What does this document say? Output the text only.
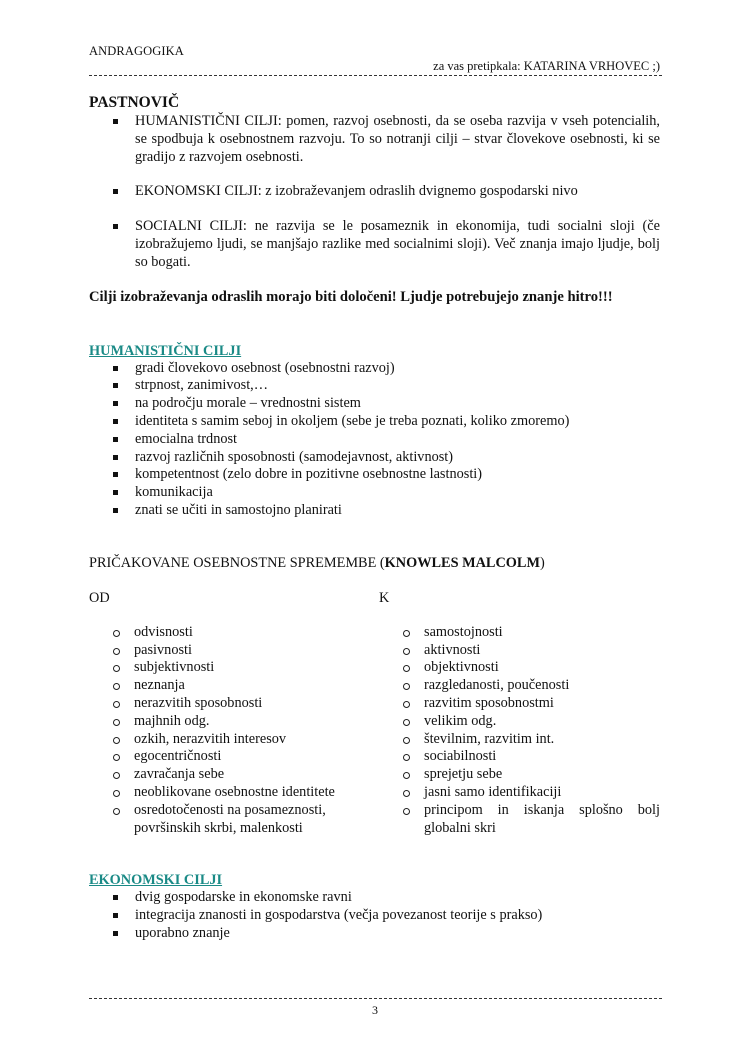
ANDRAGOGIKA
za vas pretipkala: KATARINA VRHOVEC ;)
PASTNOVIČ
HUMANISTIČNI CILJI: pomen, razvoj osebnosti, da se oseba razvija v vseh potencialih, se spodbuja k osebnostnem razvoju. To so notranji cilji – stvar človekove osebnosti, ki se gradijo z razvojem osebnosti.
EKONOMSKI CILJI: z izobraževanjem odraslih dvignemo gospodarski nivo
SOCIALNI CILJI: ne razvija se le posameznik in ekonomija, tudi socialni sloji (če izobražujemo ljudi, se manjšajo razlike med socialnimi sloji). Več znanja imajo ljudje, bolj so bogati.
Cilji izobraževanja odraslih morajo biti določeni! Ljudje potrebujejo znanje hitro!!!
HUMANISTIČNI CILJI
gradi človekovo osebnost (osebnostni razvoj)
strpnost, zanimivost,…
na področju morale – vrednostni sistem
identiteta s samim seboj in okoljem (sebe je treba poznati, koliko zmoremo)
emocialna trdnost
razvoj različnih sposobnosti (samodejavnost, aktivnost)
kompetentnost (zelo dobre in pozitivne osebnostne lastnosti)
komunikacija
znati se učiti in samostojno planirati
PRIČAKOVANE OSEBNOSTNE SPREMEMBE (KNOWLES MALCOLM)
OD	K
odvisnosti
pasivnosti
subjektivnosti
neznanja
nerazvitih sposobnosti
majhnih odg.
ozkih, nerazvitih interesov
egocentričnosti
zavračanja sebe
neoblikovane osebnostne identitete
osredotočenosti na posameznosti, površinskih skrbi, malenkosti
samostojnosti
aktivnosti
objektivnosti
razgledanosti, poučenosti
razvitim sposobnostmi
velikim odg.
številnim, razvitim int.
sociabilnosti
sprejetju sebe
jasni samo identifikaciji
principom in iskanja splošno bolj globalni skri
EKONOMSKI CILJI
dvig gospodarske in ekonomske ravni
integracija znanosti in gospodarstva (večja povezanost teorije s prakso)
uporabno znanje
3
